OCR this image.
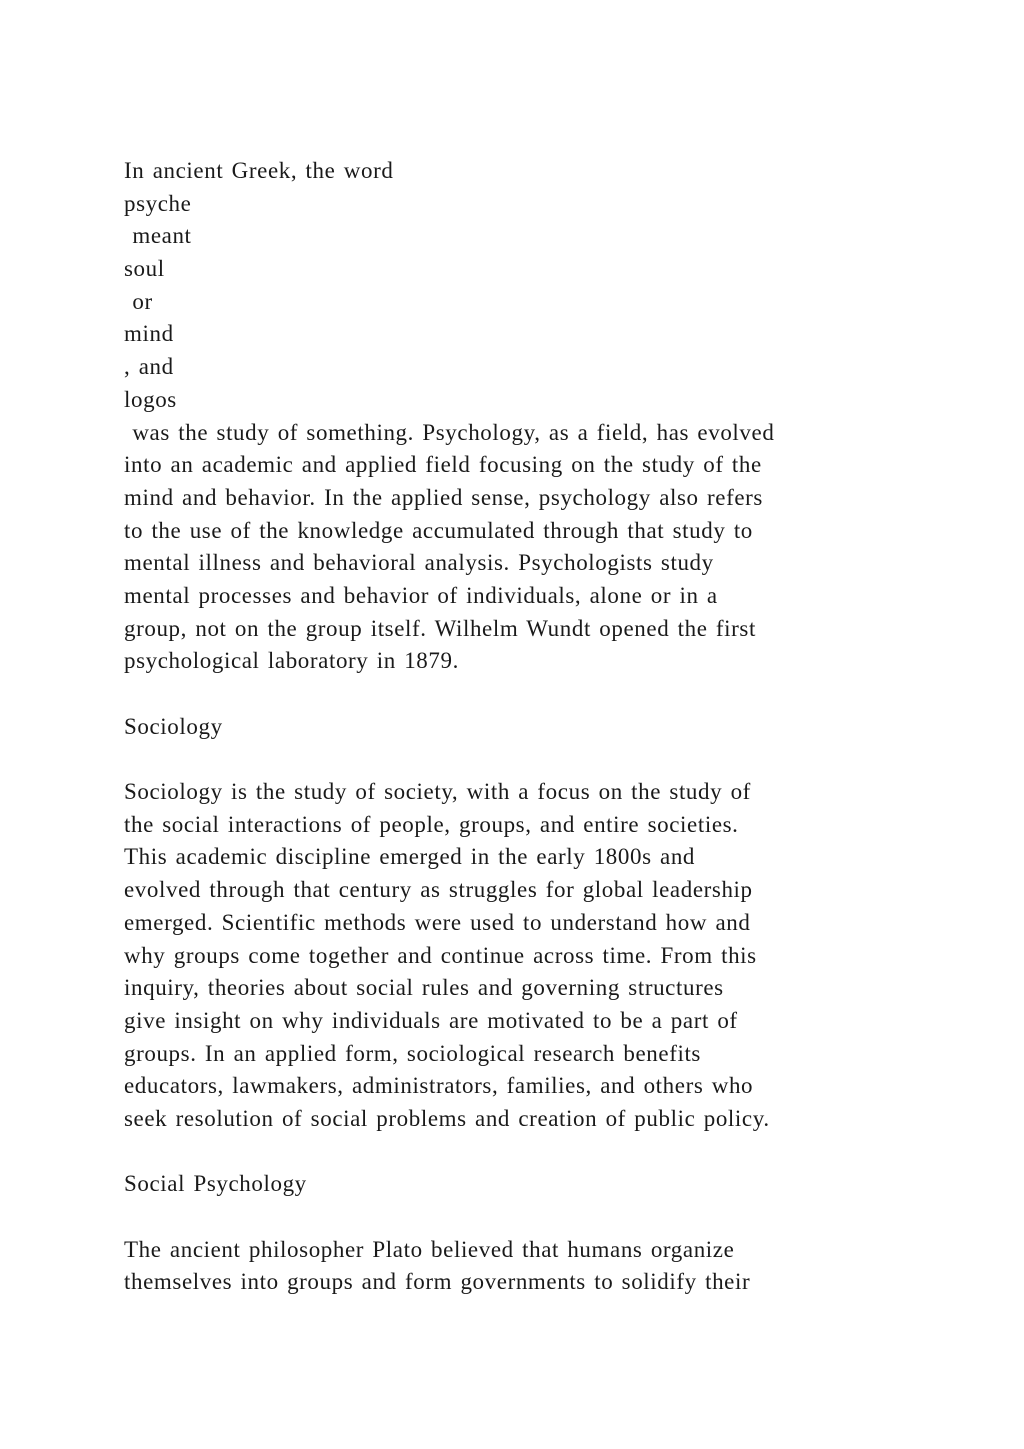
In ancient Greek, the word
psyche
meant
soul
or
mind
, and
logos
was the study of something. Psychology, as a field, has evolved
into an academic and applied field focusing on the study of the
mind and behavior. In the applied sense, psychology also refers
to the use of the knowledge accumulated through that study to
mental illness and behavioral analysis. Psychologists study
mental processes and behavior of individuals, alone or in a
group, not on the group itself. Wilhelm Wundt opened the first
psychological laboratory in 1879.
Sociology
Sociology is the study of society, with a focus on the study of
the social interactions of people, groups, and entire societies.
This academic discipline emerged in the early 1800s and
evolved through that century as struggles for global leadership
emerged. Scientific methods were used to understand how and
why groups come together and continue across time. From this
inquiry, theories about social rules and governing structures
give insight on why individuals are motivated to be a part of
groups. In an applied form, sociological research benefits
educators, lawmakers, administrators, families, and others who
seek resolution of social problems and creation of public policy.
Social Psychology
The ancient philosopher Plato believed that humans organize
themselves into groups and form governments to solidify their
